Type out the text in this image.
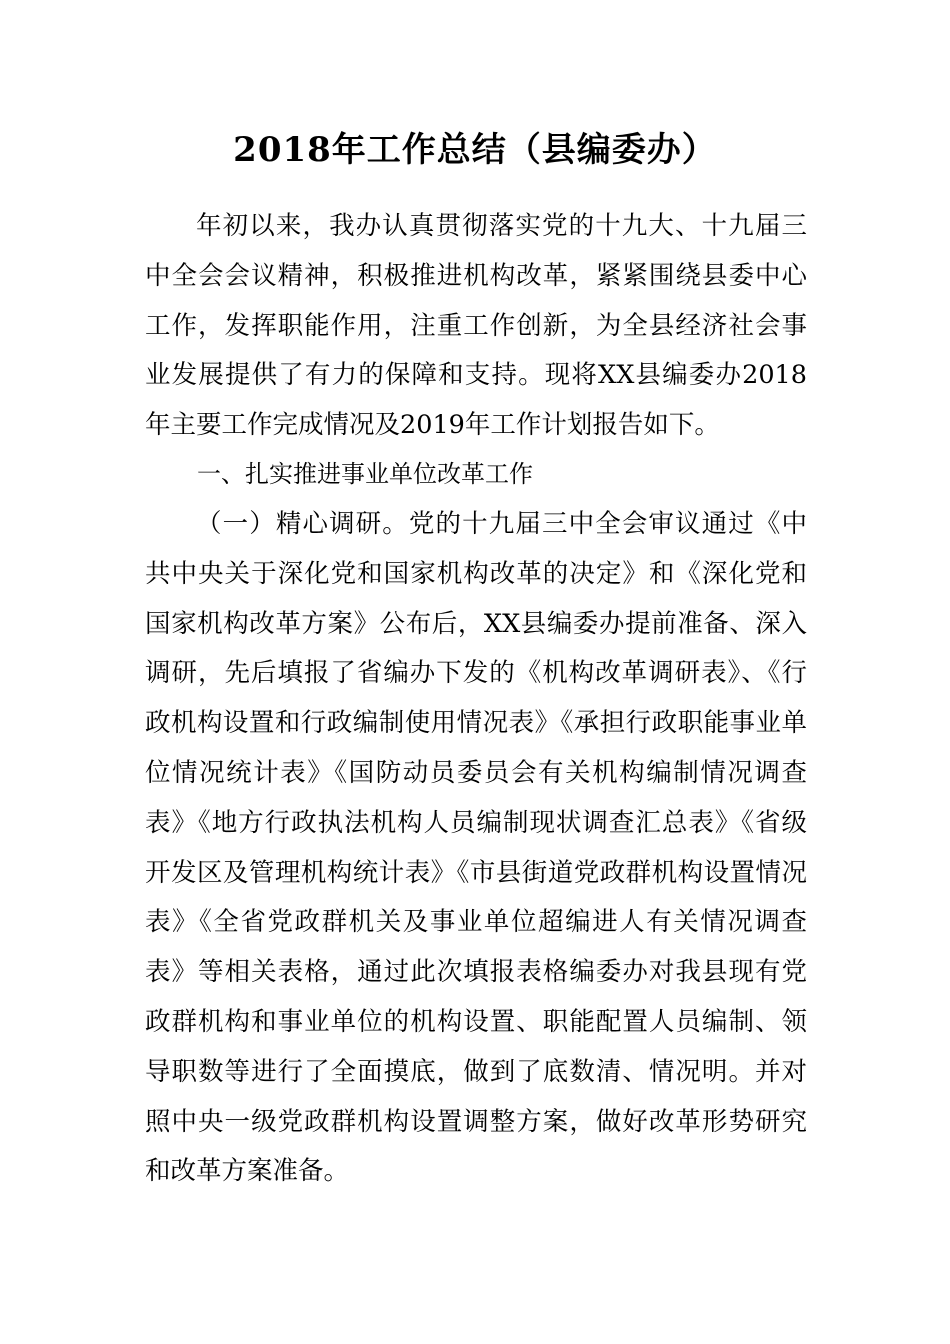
2018年工作总结（县编委办）

年初以来，我办认真贯彻落实党的十九大、十九届三中全会会议精神，积极推进机构改革，紧紧围绕县委中心工作，发挥职能作用，注重工作创新，为全县经济社会事业发展提供了有力的保障和支持。现将XX县编委办2018年主要工作完成情况及2019年工作计划报告如下。

一、扎实推进事业单位改革工作

（一）精心调研。党的十九届三中全会审议通过《中共中央关于深化党和国家机构改革的决定》和《深化党和国家机构改革方案》公布后，XX县编委办提前准备、深入调研，先后填报了省编办下发的《机构改革调研表》、《行政机构设置和行政编制使用情况表》《承担行政职能事业单位情况统计表》《国防动员委员会有关机构编制情况调查表》《地方行政执法机构人员编制现状调查汇总表》《省级开发区及管理机构统计表》《市县街道党政群机构设置情况表》《全省党政群机关及事业单位超编进人有关情况调查表》等相关表格，通过此次填报表格编委办对我县现有党政群机构和事业单位的机构设置、职能配置人员编制、领导职数等进行了全面摸底，做到了底数清、情况明。并对照中央一级党政群机构设置调整方案，做好改革形势研究和改革方案准备。
